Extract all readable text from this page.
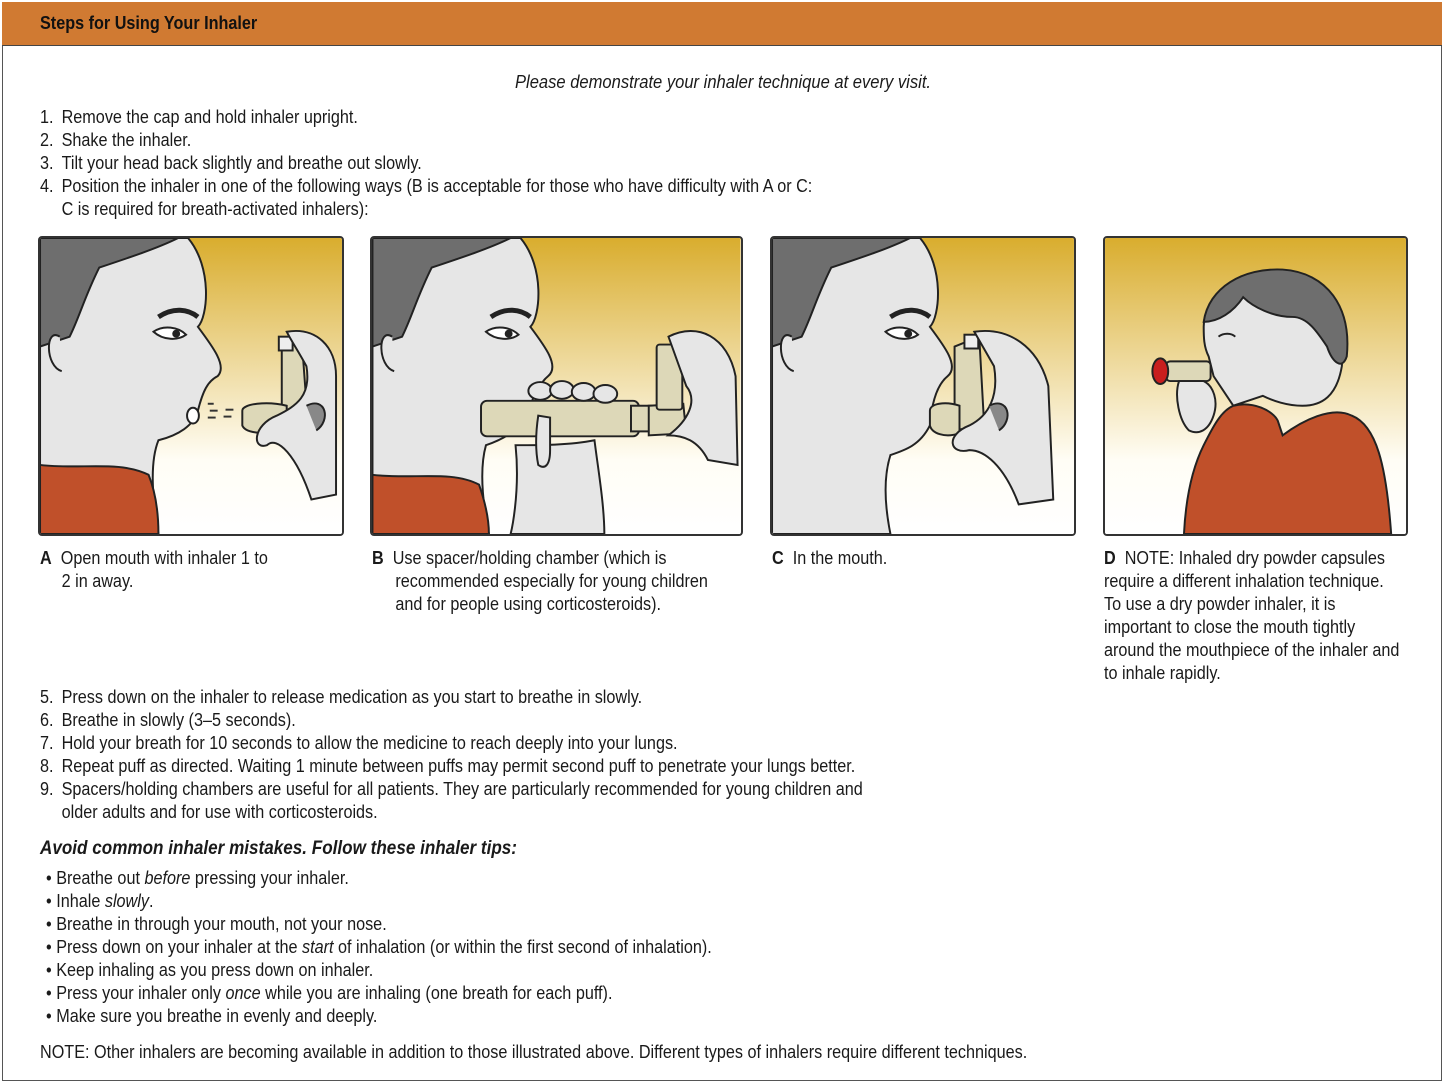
Steps for Using Your Inhaler
Please demonstrate your inhaler technique at every visit.
1. Remove the cap and hold inhaler upright.
2. Shake the inhaler.
3. Tilt your head back slightly and breathe out slowly.
4. Position the inhaler in one of the following ways (B is acceptable for those who have difficulty with A or C:
C is required for breath-activated inhalers):
A Open mouth with inhaler 1 to
2 in away.
B Use spacer/holding chamber (which is
recommended especially for young children
and for people using corticosteroids).
C In the mouth.	D NOTE: Inhaled dry powder capsules
require a different inhalation technique.
To use a dry powder inhaler, it is
important to close the mouth tightly
around the mouthpiece of the inhaler and
to inhale rapidly.
5. Press down on the inhaler to release medication as you start to breathe in slowly.
6. Breathe in slowly (3–5 seconds).
7. Hold your breath for 10 seconds to allow the medicine to reach deeply into your lungs.
8. Repeat puff as directed. Waiting 1 minute between puffs may permit second puff to penetrate your lungs better.
9. Spacers/holding chambers are useful for all patients. They are particularly recommended for young children and
older adults and for use with corticosteroids.
Avoid common inhaler mistakes. Follow these inhaler tips:
• Breathe out before pressing your inhaler.
• Inhale slowly.
• Breathe in through your mouth, not your nose.
• Press down on your inhaler at the start of inhalation (or within the first second of inhalation).
• Keep inhaling as you press down on inhaler.
• Press your inhaler only once while you are inhaling (one breath for each puff).
• Make sure you breathe in evenly and deeply.
NOTE: Other inhalers are becoming available in addition to those illustrated above. Different types of inhalers require different techniques.
